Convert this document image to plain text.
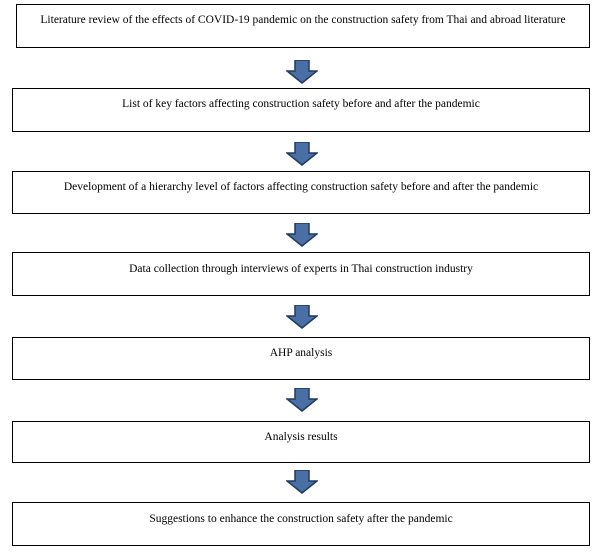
Literature review of the effects of COVID-19 pandemic on the construction safety from Thai and abroad literature
List of key factors affecting construction safety before and after the pandemic
Development of a hierarchy level of factors affecting construction safety before and after the pandemic
Data collection through interviews of experts in Thai construction industry
AHP analysis
Analysis results
Suggestions to enhance the construction safety after the pandemic
